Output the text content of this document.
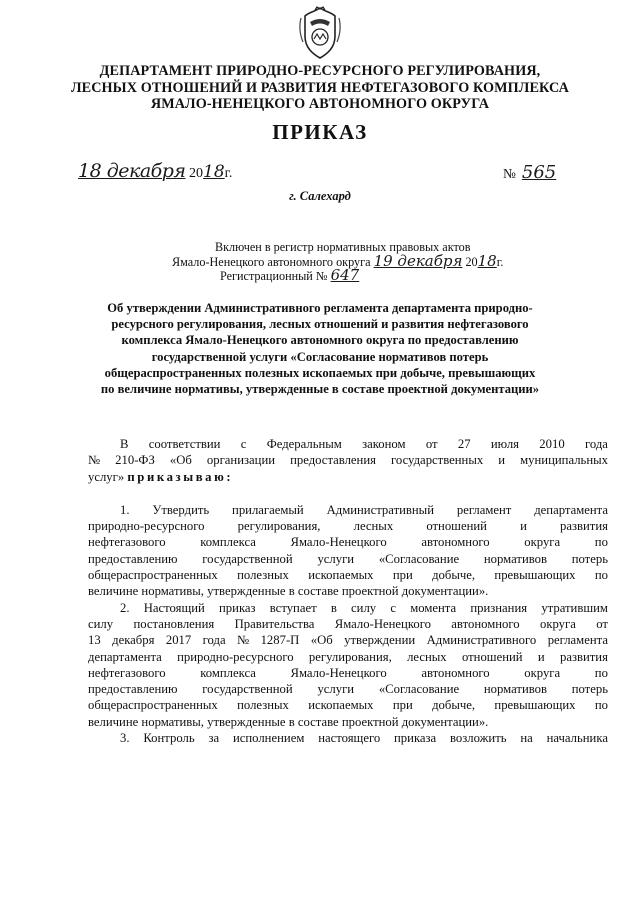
ДЕПАРТАМЕНТ ПРИРОДНО-РЕСУРСНОГО РЕГУЛИРОВАНИЯ,
ЛЕСНЫХ ОТНОШЕНИЙ И РАЗВИТИЯ НЕФТЕГАЗОВОГО КОМПЛЕКСА
ЯМАЛО-НЕНЕЦКОГО АВТОНОМНОГО ОКРУГА
ПРИКАЗ
18 декабря 2018г.	№ 565
г. Салехард
Включен в регистр нормативных правовых актов
Ямало-Ненецкого автономного округа 19 декабря 2018г.
Регистрационный № 647
Об утверждении Административного регламента департамента природно-
ресурсного регулирования, лесных отношений и развития нефтегазового
комплекса Ямало-Ненецкого автономного округа по предоставлению
государственной услуги «Согласование нормативов потерь
общераспространенных полезных ископаемых при добыче, превышающих
по величине нормативы, утвержденные в составе проектной документации»
В соответствии с Федеральным законом от 27 июля 2010 года
№ 210-ФЗ «Об организации предоставления государственных и муниципальных
услуг»
приказываю:
1. Утвердить прилагаемый Административный регламент департамента
природно-ресурсного	регулирования,	лесных	отношений	и	развития
нефтегазового	комплекса	Ямало-Ненецкого	автономного	округа	по
предоставлению государственной услуги «Согласование нормативов потерь
общераспространенных полезных ископаемых при добыче, превышающих по
величине нормативы, утвержденные в составе проектной документации».
2. Настоящий приказ вступает в силу с момента признания утратившим
силу постановления Правительства Ямало-Ненецкого автономного округа от
13 декабря 2017 года № 1287-П «Об утверждении Административного регламента
департамента природно-ресурсного регулирования, лесных отношений и развития
нефтегазового	комплекса	Ямало-Ненецкого	автономного	округа	по
предоставлению государственной услуги «Согласование нормативов потерь
общераспространенных полезных ископаемых при добыче, превышающих по
величине нормативы, утвержденные в составе проектной документации».
3. Контроль за исполнением настоящего приказа возложить на начальника
